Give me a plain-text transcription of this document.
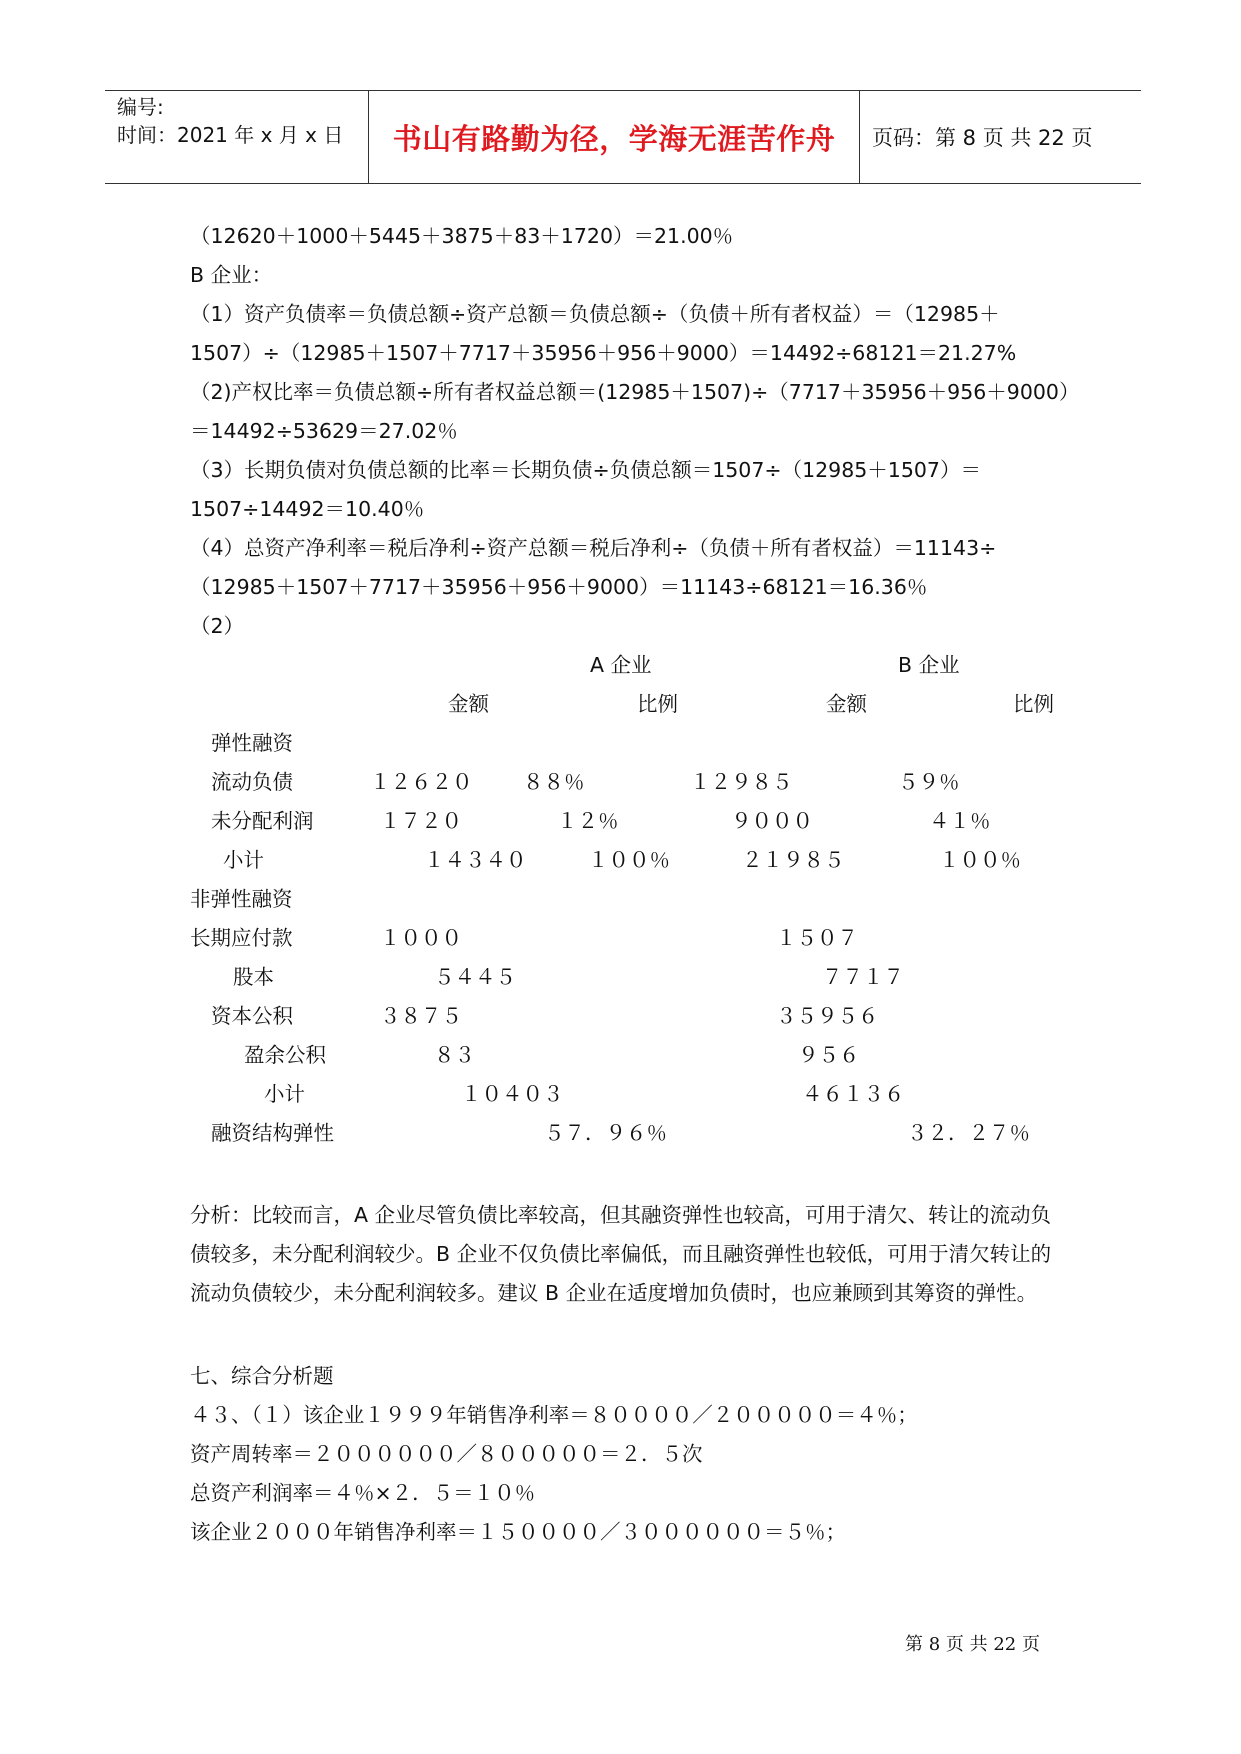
编号:
时间：2021 年 x 月 x 日	书山有路勤为径，学海无涯苦作舟	页码：第 8 页 共 22 页
（12620＋1000＋5445＋3875＋83＋1720）＝21.00％
B 企业：
（1）资产负债率＝负债总额÷资产总额＝负债总额÷（负债＋所有者权益）＝（12985＋
1507）÷（12985＋1507＋7717＋35956＋956＋9000）＝14492÷68121＝21.27%
（2)产权比率＝负债总额÷所有者权益总额＝(12985＋1507)÷（7717＋35956＋956＋9000）
＝14492÷53629＝27.02％
（3）长期负债对负债总额的比率＝长期负债÷负债总额＝1507÷（12985＋1507）＝
1507÷14492＝10.40％
（4）总资产净利率＝税后净利÷资产总额＝税后净利÷（负债＋所有者权益）＝11143÷
（12985＋1507＋7717＋35956＋956＋9000）＝11143÷68121＝16.36％
（2）
A 企业	B 企业
金额	比例	金额	比例
弹性融资
流动负债	１２６２０ ８８％	１２９８５	５９％
未分配利润	１７２０	１２％	９０００	４１％
小计	１４３４０	１００％	２１９８５	１００％
非弹性融资
长期应付款	１０００	１５０７
股本	５４４５	７７１７
资本公积	３８７５	３５９５６
盈余公积	８３	９５６
小计	１０４０３	４６１３６
融资结构弹性	５７．９６％	３２．２７％
分析：比较而言，A 企业尽管负债比率较高，但其融资弹性也较高，可用于清欠、转让的流动负债较多，未分配利润较少。B 企业不仅负债比率偏低，而且融资弹性也较低，可用于清欠转让的流动负债较少，未分配利润较多。建议 B 企业在适度增加负债时，也应兼顾到其筹资的弹性。
七、综合分析题
４３、（１）该企业１９９９年销售净利率＝８００００／２０００００＝４％；
资产周转率＝２００００００／８０００００＝２．５次
总资产利润率＝４％×２．５＝１０％
该企业２０００年销售净利率＝１５００００／３００００００＝５％；
第 8 页 共 22 页
